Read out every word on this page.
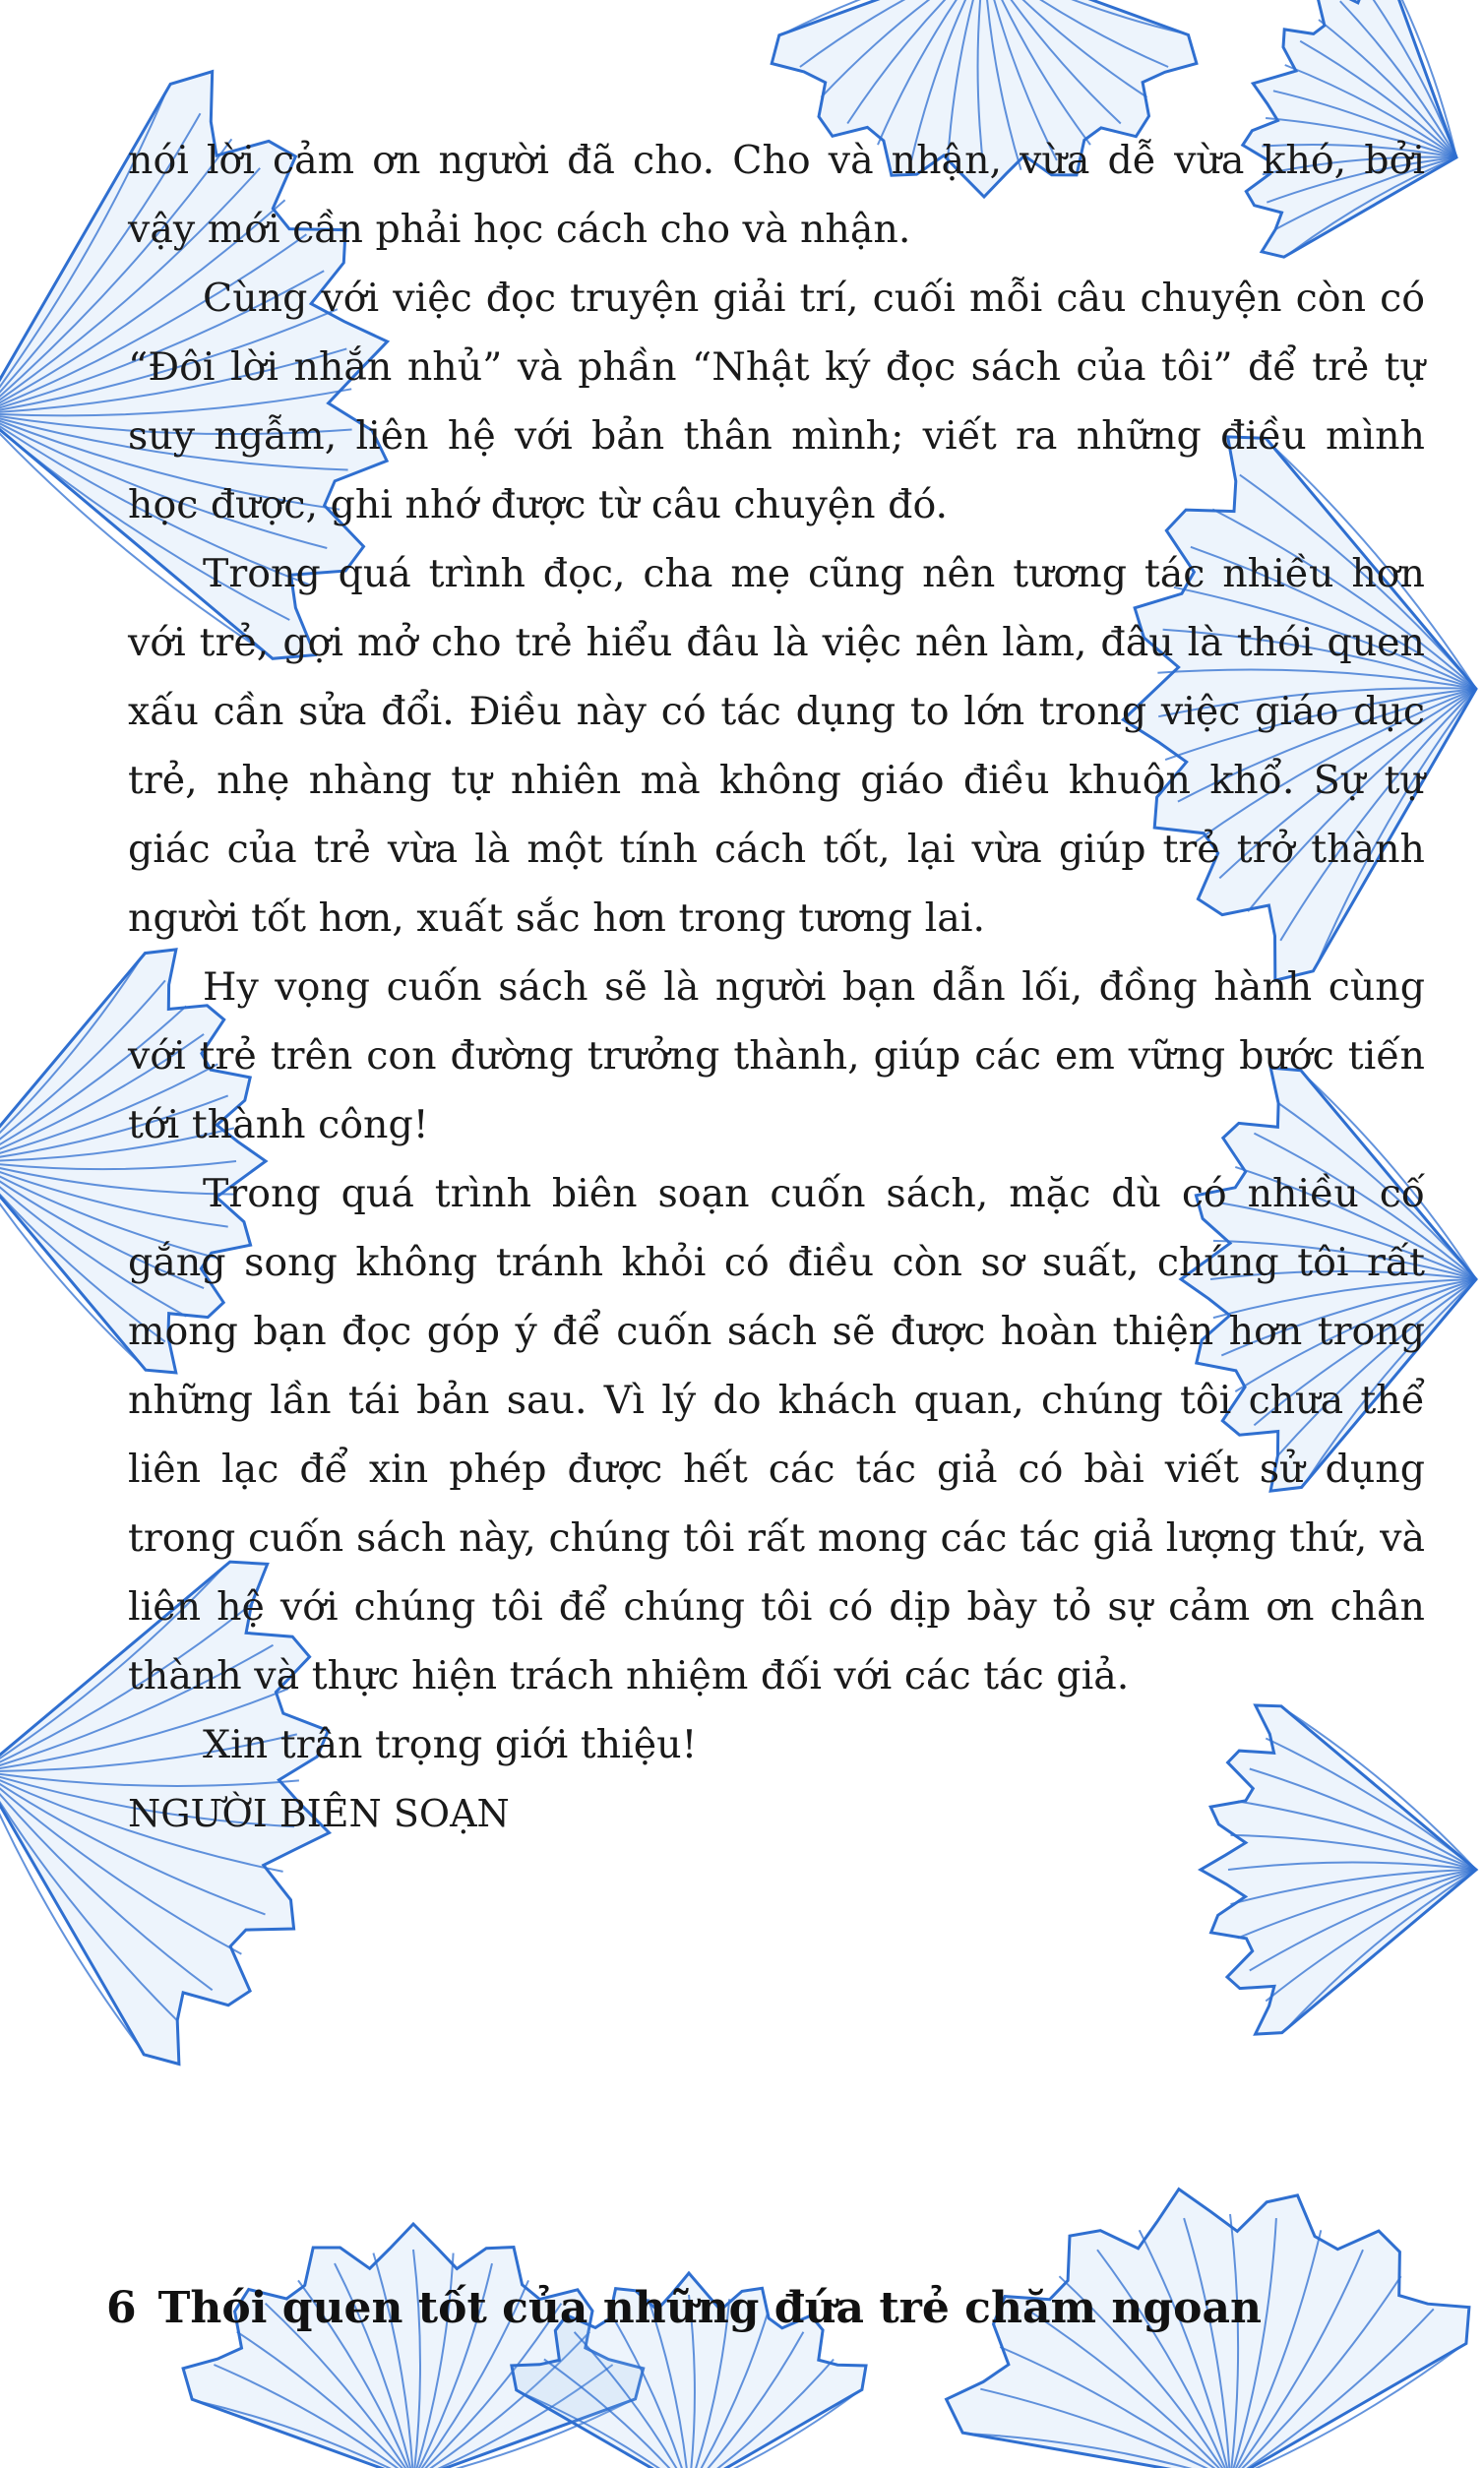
nói lời cảm ơn người đã cho. Cho và nhận, vừa dễ vừa khó, bởi vậy mới cần phải học cách cho và nhận.

Cùng với việc đọc truyện giải trí, cuối mỗi câu chuyện còn có “Đôi lời nhắn nhủ” và phần “Nhật ký đọc sách của tôi” để trẻ tự suy ngẫm, liên hệ với bản thân mình; viết ra những điều mình học được, ghi nhớ được từ câu chuyện đó.

Trong quá trình đọc, cha mẹ cũng nên tương tác nhiều hơn với trẻ, gợi mở cho trẻ hiểu đâu là việc nên làm, đâu là thói quen xấu cần sửa đổi. Điều này có tác dụng to lớn trong việc giáo dục trẻ, nhẹ nhàng tự nhiên mà không giáo điều khuôn khổ. Sự tự giác của trẻ vừa là một tính cách tốt, lại vừa giúp trẻ trở thành người tốt hơn, xuất sắc hơn trong tương lai.

Hy vọng cuốn sách sẽ là người bạn dẫn lối, đồng hành cùng với trẻ trên con đường trưởng thành, giúp các em vững bước tiến tới thành công!

Trong quá trình biên soạn cuốn sách, mặc dù có nhiều cố gắng song không tránh khỏi có điều còn sơ suất, chúng tôi rất mong bạn đọc góp ý để cuốn sách sẽ được hoàn thiện hơn trong những lần tái bản sau. Vì lý do khách quan, chúng tôi chưa thể liên lạc để xin phép được hết các tác giả có bài viết sử dụng trong cuốn sách này, chúng tôi rất mong các tác giả lượng thứ, và liên hệ với chúng tôi để chúng tôi có dịp bày tỏ sự cảm ơn chân thành và thực hiện trách nhiệm đối với các tác giả.

Xin trân trọng giới thiệu!

NGƯỜI BIÊN SOẠN

6 Thói quen tốt của những đứa trẻ chăm ngoan
